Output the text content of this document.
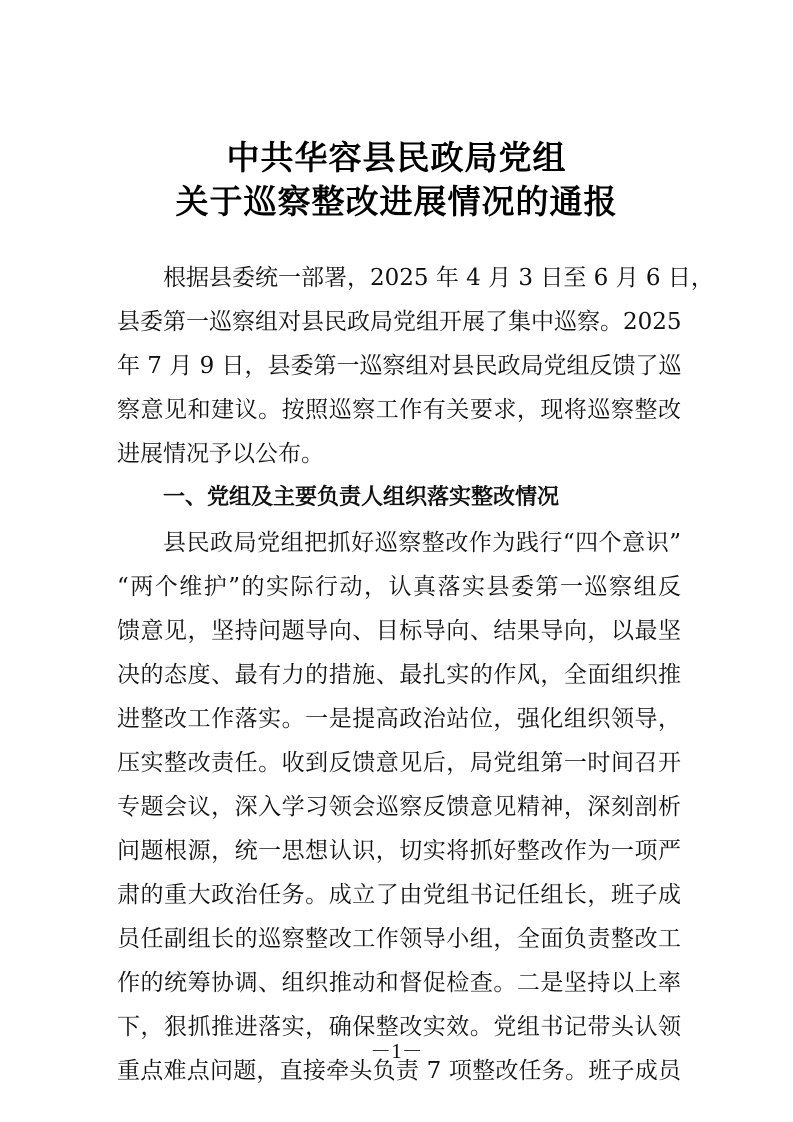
中共华容县民政局党组
关于巡察整改进展情况的通报
根据县委统一部署，2025 年 4 月 3 日至 6 月 6 日，
县委第一巡察组对县民政局党组开展了集中巡察。2025
年 7 月 9 日，县委第一巡察组对县民政局党组反馈了巡
察意见和建议。按照巡察工作有关要求，现将巡察整改
进展情况予以公布。
一、党组及主要负责人组织落实整改情况
县民政局党组把抓好巡察整改作为践行“四个意识”
“两个维护”的实际行动，认真落实县委第一巡察组反
馈意见，坚持问题导向、目标导向、结果导向，以最坚
决的态度、最有力的措施、最扎实的作风，全面组织推
进整改工作落实。一是提高政治站位，强化组织领导，
压实整改责任。收到反馈意见后，局党组第一时间召开
专题会议，深入学习领会巡察反馈意见精神，深刻剖析
问题根源，统一思想认识，切实将抓好整改作为一项严
肃的重大政治任务。成立了由党组书记任组长，班子成
员任副组长的巡察整改工作领导小组，全面负责整改工
作的统筹协调、组织推动和督促检查。二是坚持以上率
下，狠抓推进落实，确保整改实效。党组书记带头认领
重点难点问题，直接牵头负责 7 项整改任务。班子成员
－1－
